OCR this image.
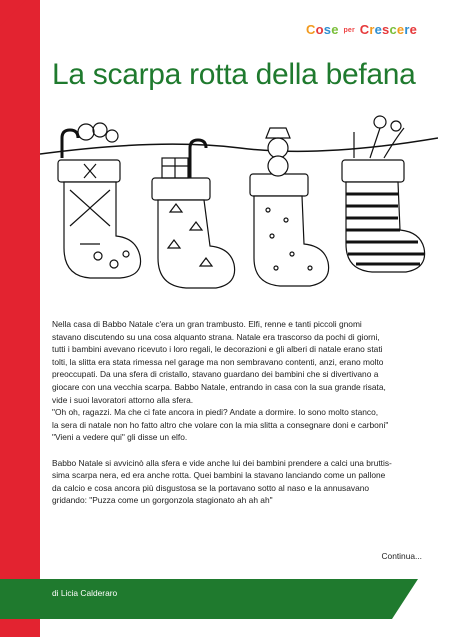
Cose per Crescere
La scarpa rotta della befana

Nella casa di Babbo Natale c'era un gran trambusto. Elfi, renne e tanti piccoli gnomi
stavano discutendo su una cosa alquanto strana. Natale era trascorso da pochi di giorni,
tutti i bambini avevano ricevuto i loro regali, le decorazioni e gli alberi di natale erano stati
tolti, la slitta era stata rimessa nel garage ma non sembravano contenti, anzi, erano molto
preoccupati. Da una sfera di cristallo, stavano guardano dei bambini che si divertivano a
giocare con una vecchia scarpa. Babbo Natale, entrando in casa con la sua grande risata,
vide i suoi lavoratori attorno alla sfera.
"Oh oh, ragazzi. Ma che ci fate ancora in piedi? Andate a dormire. Io sono molto stanco,
la sera di natale non ho fatto altro che volare con la mia slitta a consegnare doni e carboni"
"Vieni a vedere qui" gli disse un elfo.

Babbo Natale si avvicinò alla sfera e vide anche lui dei bambini prendere a calci una bruttis-
sima scarpa nera, ed era anche rotta. Quei bambini la stavano lanciando come un pallone
da calcio e cosa ancora più disgustosa se la portavano sotto al naso e la annusavano
gridando: "Puzza come un gorgonzola stagionato ah ah ah"

Continua...
di Licia Calderaro
